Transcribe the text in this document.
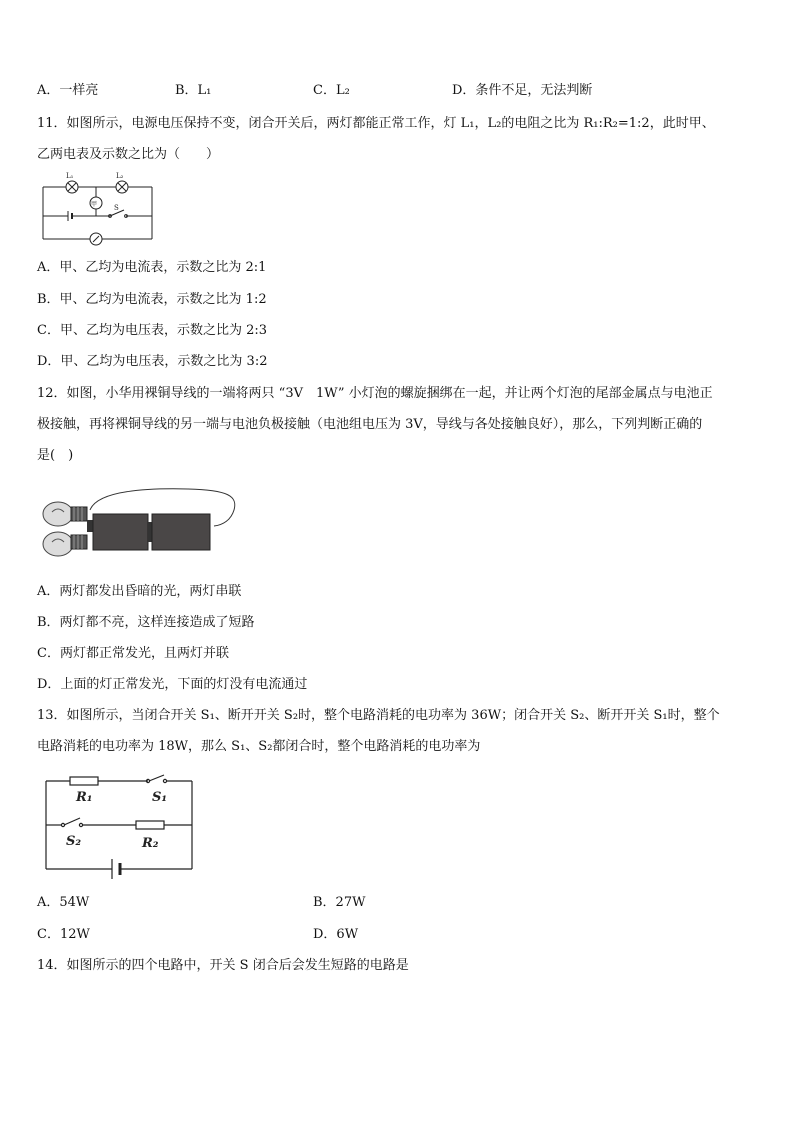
A．一样亮	B．L₁	C．L₂	D．条件不足，无法判断
11．如图所示，电源电压保持不变，闭合开关后，两灯都能正常工作，灯 L₁，L₂的电阻之比为 R₁:R₂=1:2，此时甲、
乙两电表及示数之比为（　　）
L₁	L₂
甲 S
A．甲、乙均为电流表，示数之比为 2:1
B．甲、乙均为电流表，示数之比为 1:2
C．甲、乙均为电压表，示数之比为 2:3
D．甲、乙均为电压表，示数之比为 3:2
12．如图，小华用裸铜导线的一端将两只 “3V　1W” 小灯泡的螺旋捆绑在一起，并让两个灯泡的尾部金属点与电池正
极接触，再将裸铜导线的另一端与电池负极接触（电池组电压为 3V，导线与各处接触良好），那么，下列判断正确的
是(　)
A．两灯都发出昏暗的光，两灯串联
B．两灯都不亮，这样连接造成了短路
C．两灯都正常发光，且两灯并联
D．上面的灯正常发光，下面的灯没有电流通过
13．如图所示，当闭合开关 S₁、断开开关 S₂时，整个电路消耗的电功率为 36W；闭合开关 S₂、断开开关 S₁时，整个
电路消耗的电功率为 18W，那么 S₁、S₂都闭合时，整个电路消耗的电功率为
R₁	S₁
S₂	R₂
A．54W	B．27W
C．12W	D．6W
14．如图所示的四个电路中，开关 S 闭合后会发生短路的电路是
